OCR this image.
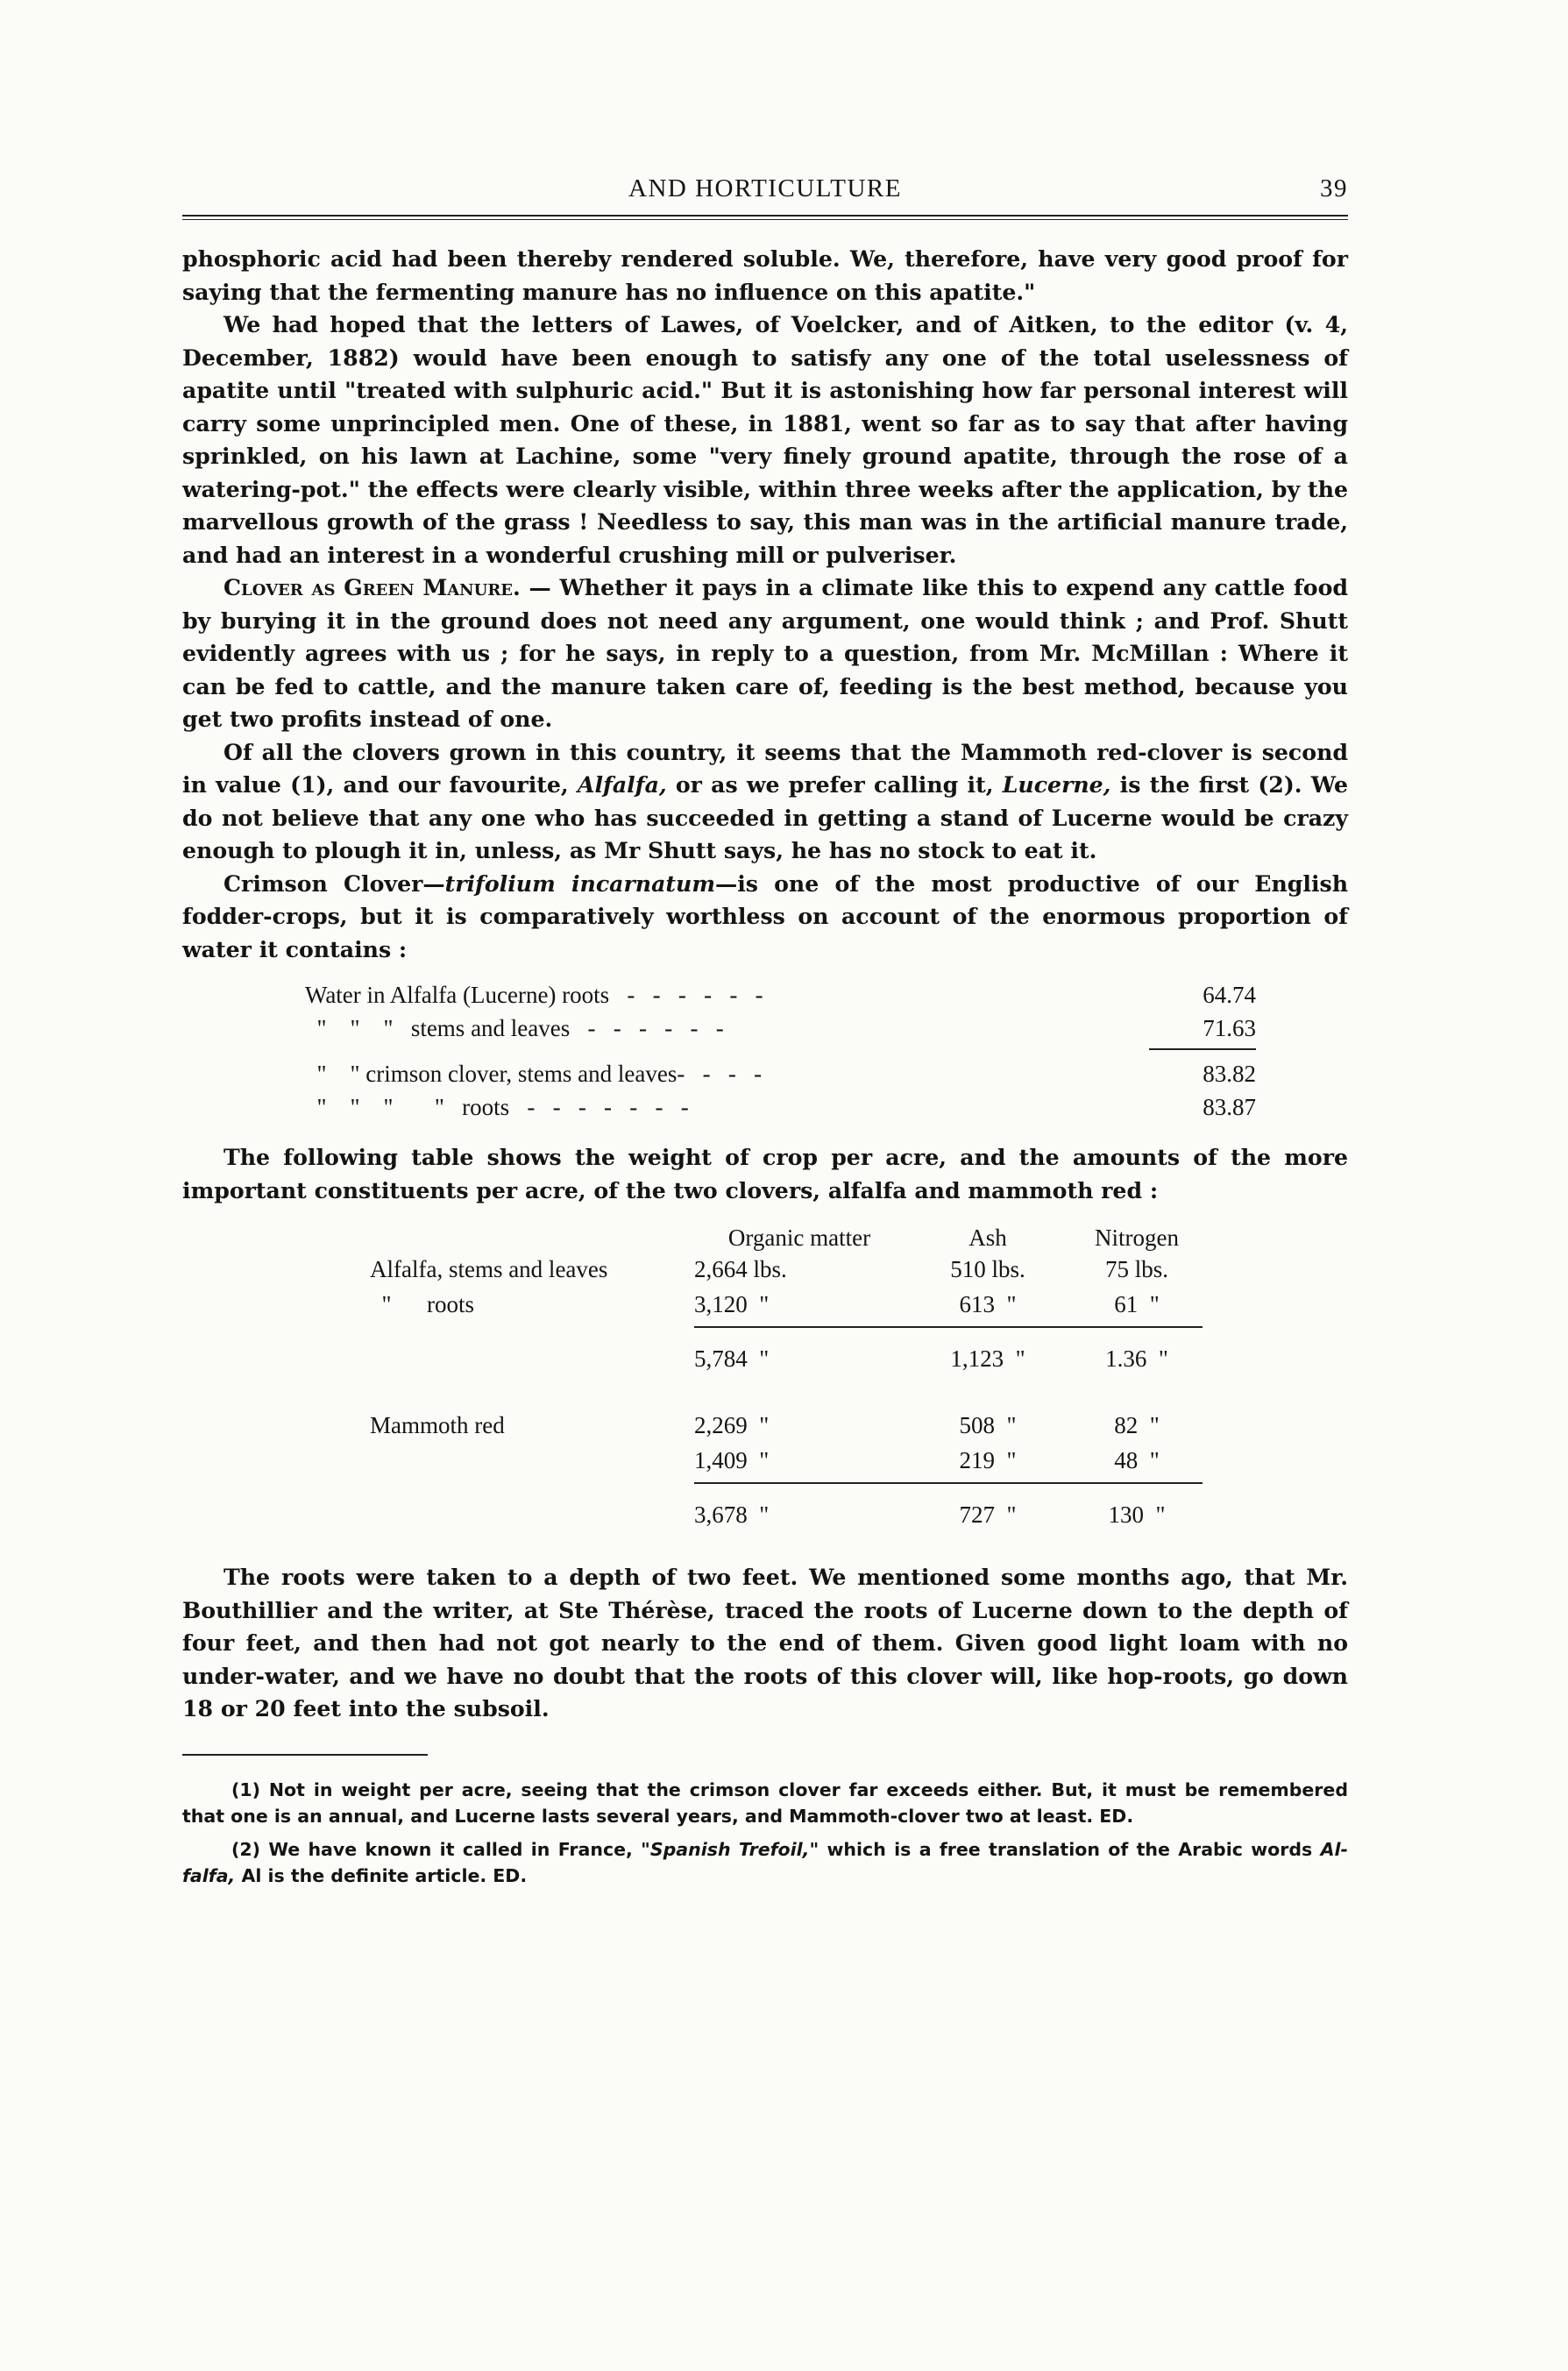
AND HORTICULTURE	39

phosphoric acid had been thereby rendered soluble. We, therefore, have very good proof for saying that the fermenting manure has no influence on this apatite."

We had hoped that the letters of Lawes, of Voelcker, and of Aitken, to the editor (v. 4, December, 1882) would have been enough to satisfy any one of the total uselessness of apatite until "treated with sulphuric acid." But it is astonishing how far personal interest will carry some unprincipled men. One of these, in 1881, went so far as to say that after having sprinkled, on his lawn at Lachine, some "very finely ground apatite, through the rose of a watering-pot." the effects were clearly visible, within three weeks after the application, by the marvellous growth of the grass ! Needless to say, this man was in the artificial manure trade, and had an interest in a wonderful crushing mill or pulveriser.

Clover as Green Manure. — Whether it pays in a climate like this to expend any cattle food by burying it in the ground does not need any argument, one would think ; and Prof. Shutt evidently agrees with us ; for he says, in reply to a question, from Mr. McMillan : Where it can be fed to cattle, and the manure taken care of, feeding is the best method, because you get two profits instead of one.

Of all the clovers grown in this country, it seems that the Mammoth red-clover is second in value (1), and our favourite, Alfalfa, or as we prefer calling it, Lucerne, is the first (2). We do not believe that any one who has succeeded in getting a stand of Lucerne would be crazy enough to plough it in, unless, as Mr Shutt says, he has no stock to eat it.

Crimson Clover—trifolium incarnatum—is one of the most productive of our English fodder-crops, but it is comparatively worthless on account of the enormous proportion of water it contains :

Water in Alfalfa (Lucerne) roots   -   -   -   -   -   -	64.74
"    "    "   stems and leaves   -   -   -   -   -   -	71.63

"    " crimson clover, stems and leaves-   -   -   -	83.82
"    "    "       "   roots   -   -   -   -   -   -   -	83.87

The following table shows the weight of crop per acre, and the amounts of the more important constituents per acre, of the two clovers, alfalfa and mammoth red :

	Organic matter	Ash	Nitrogen
Alfalfa, stems and leaves	2,664 lbs.	510 lbs.	75 lbs.
"      roots	3,120  "	613  "	61  "
	5,784  "	1,123  "	1.36  "

Mammoth red	2,269  "	508  "	82  "
	1,409  "	219  "	48  "
	3,678  "	727  "	130  "

The roots were taken to a depth of two feet. We mentioned some months ago, that Mr. Bouthillier and the writer, at Ste Thérèse, traced the roots of Lucerne down to the depth of four feet, and then had not got nearly to the end of them. Given good light loam with no under-water, and we have no doubt that the roots of this clover will, like hop-roots, go down 18 or 20 feet into the subsoil.

(1) Not in weight per acre, seeing that the crimson clover far exceeds either. But, it must be remembered that one is an annual, and Lucerne lasts several years, and Mammoth-clover two at least. ED.

(2) We have known it called in France, "Spanish Trefoil," which is a free translation of the Arabic words Al-falfa, Al is the definite article. ED.
